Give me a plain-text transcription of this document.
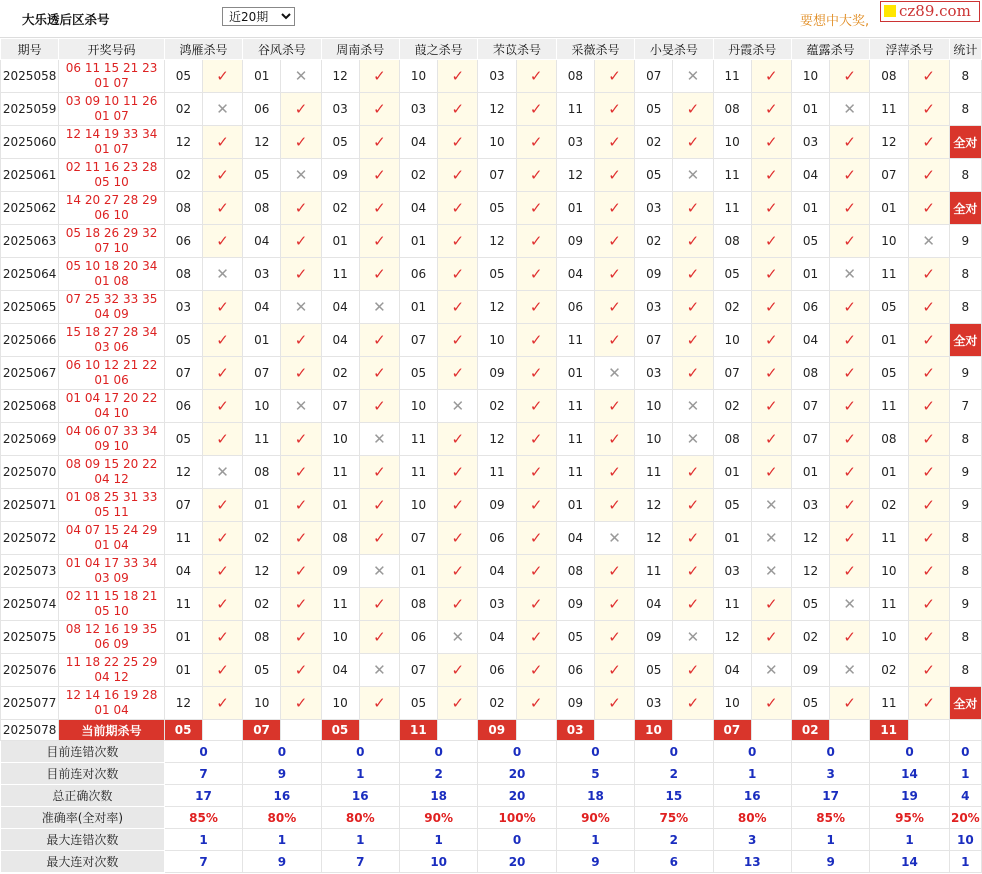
大乐透后区杀号
近20期	要想中大奖,
cz89.com
期号	开奖号码	鸿雁杀号		谷风杀号		周南杀号		葭之杀号		芣苡杀号		采薇杀号		小旻杀号		丹霞杀号		蕴露杀号		浮萍杀号		统计
2025058	06 11 15 21 23
01 07	05	✓	01	✕	12	✓	10	✓	03	✓	08	✓	07	✕	11	✓	10	✓	08	✓	8
2025059	03 09 10 11 26
01 07	02	✕	06	✓	03	✓	03	✓	12	✓	11	✓	05	✓	08	✓	01	✕	11	✓	8
2025060	12 14 19 33 34
01 07	12	✓	12	✓	05	✓	04	✓	10	✓	03	✓	02	✓	10	✓	03	✓	12	✓	全对
2025061	02 11 16 23 28
05 10	02	✓	05	✕	09	✓	02	✓	07	✓	12	✓	05	✕	11	✓	04	✓	07	✓	8
2025062	14 20 27 28 29
06 10	08	✓	08	✓	02	✓	04	✓	05	✓	01	✓	03	✓	11	✓	01	✓	01	✓	全对
2025063	05 18 26 29 32
07 10	06	✓	04	✓	01	✓	01	✓	12	✓	09	✓	02	✓	08	✓	05	✓	10	✕	9
2025064	05 10 18 20 34
01 08	08	✕	03	✓	11	✓	06	✓	05	✓	04	✓	09	✓	05	✓	01	✕	11	✓	8
2025065	07 25 32 33 35
04 09	03	✓	04	✕	04	✕	01	✓	12	✓	06	✓	03	✓	02	✓	06	✓	05	✓	8
2025066	15 18 27 28 34
03 06	05	✓	01	✓	04	✓	07	✓	10	✓	11	✓	07	✓	10	✓	04	✓	01	✓	全对
2025067	06 10 12 21 22
01 06	07	✓	07	✓	02	✓	05	✓	09	✓	01	✕	03	✓	07	✓	08	✓	05	✓	9
2025068	01 04 17 20 22
04 10	06	✓	10	✕	07	✓	10	✕	02	✓	11	✓	10	✕	02	✓	07	✓	11	✓	7
2025069	04 06 07 33 34
09 10	05	✓	11	✓	10	✕	11	✓	12	✓	11	✓	10	✕	08	✓	07	✓	08	✓	8
2025070	08 09 15 20 22
04 12	12	✕	08	✓	11	✓	11	✓	11	✓	11	✓	11	✓	01	✓	01	✓	01	✓	9
2025071	01 08 25 31 33
05 11	07	✓	01	✓	01	✓	10	✓	09	✓	01	✓	12	✓	05	✕	03	✓	02	✓	9
2025072	04 07 15 24 29
01 04	11	✓	02	✓	08	✓	07	✓	06	✓	04	✕	12	✓	01	✕	12	✓	11	✓	8
2025073	01 04 17 33 34
03 09	04	✓	12	✓	09	✕	01	✓	04	✓	08	✓	11	✓	03	✕	12	✓	10	✓	8
2025074	02 11 15 18 21
05 10	11	✓	02	✓	11	✓	08	✓	03	✓	09	✓	04	✓	11	✓	05	✕	11	✓	9
2025075	08 12 16 19 35
06 09	01	✓	08	✓	10	✓	06	✕	04	✓	05	✓	09	✕	12	✓	02	✓	10	✓	8
2025076	11 18 22 25 29
04 12	01	✓	05	✓	04	✕	07	✓	06	✓	06	✓	05	✓	04	✕	09	✕	02	✓	8
2025077	12 14 16 19 28
01 04	12	✓	10	✓	10	✓	05	✓	02	✓	09	✓	03	✓	10	✓	05	✓	11	✓	全对
2025078	当前期杀号	05		07		05		11		09		03		10		07		02		11		
目前连错次数		0		0		0		0		0		0		0		0		0		0		0
目前连对次数		7		9		1		2		20		5		2		1		3		14		1
总正确次数		17		16		16		18		20		18		15		16		17		19		4
准确率(全对率)		85%		80%		80%		90%		100%		90%		75%		80%		85%		95%		20%
最大连错次数		1		1		1		1		0		1		2		3		1		1		10
最大连对次数		7		9		7		10		20		9		6		13		9		14		1
